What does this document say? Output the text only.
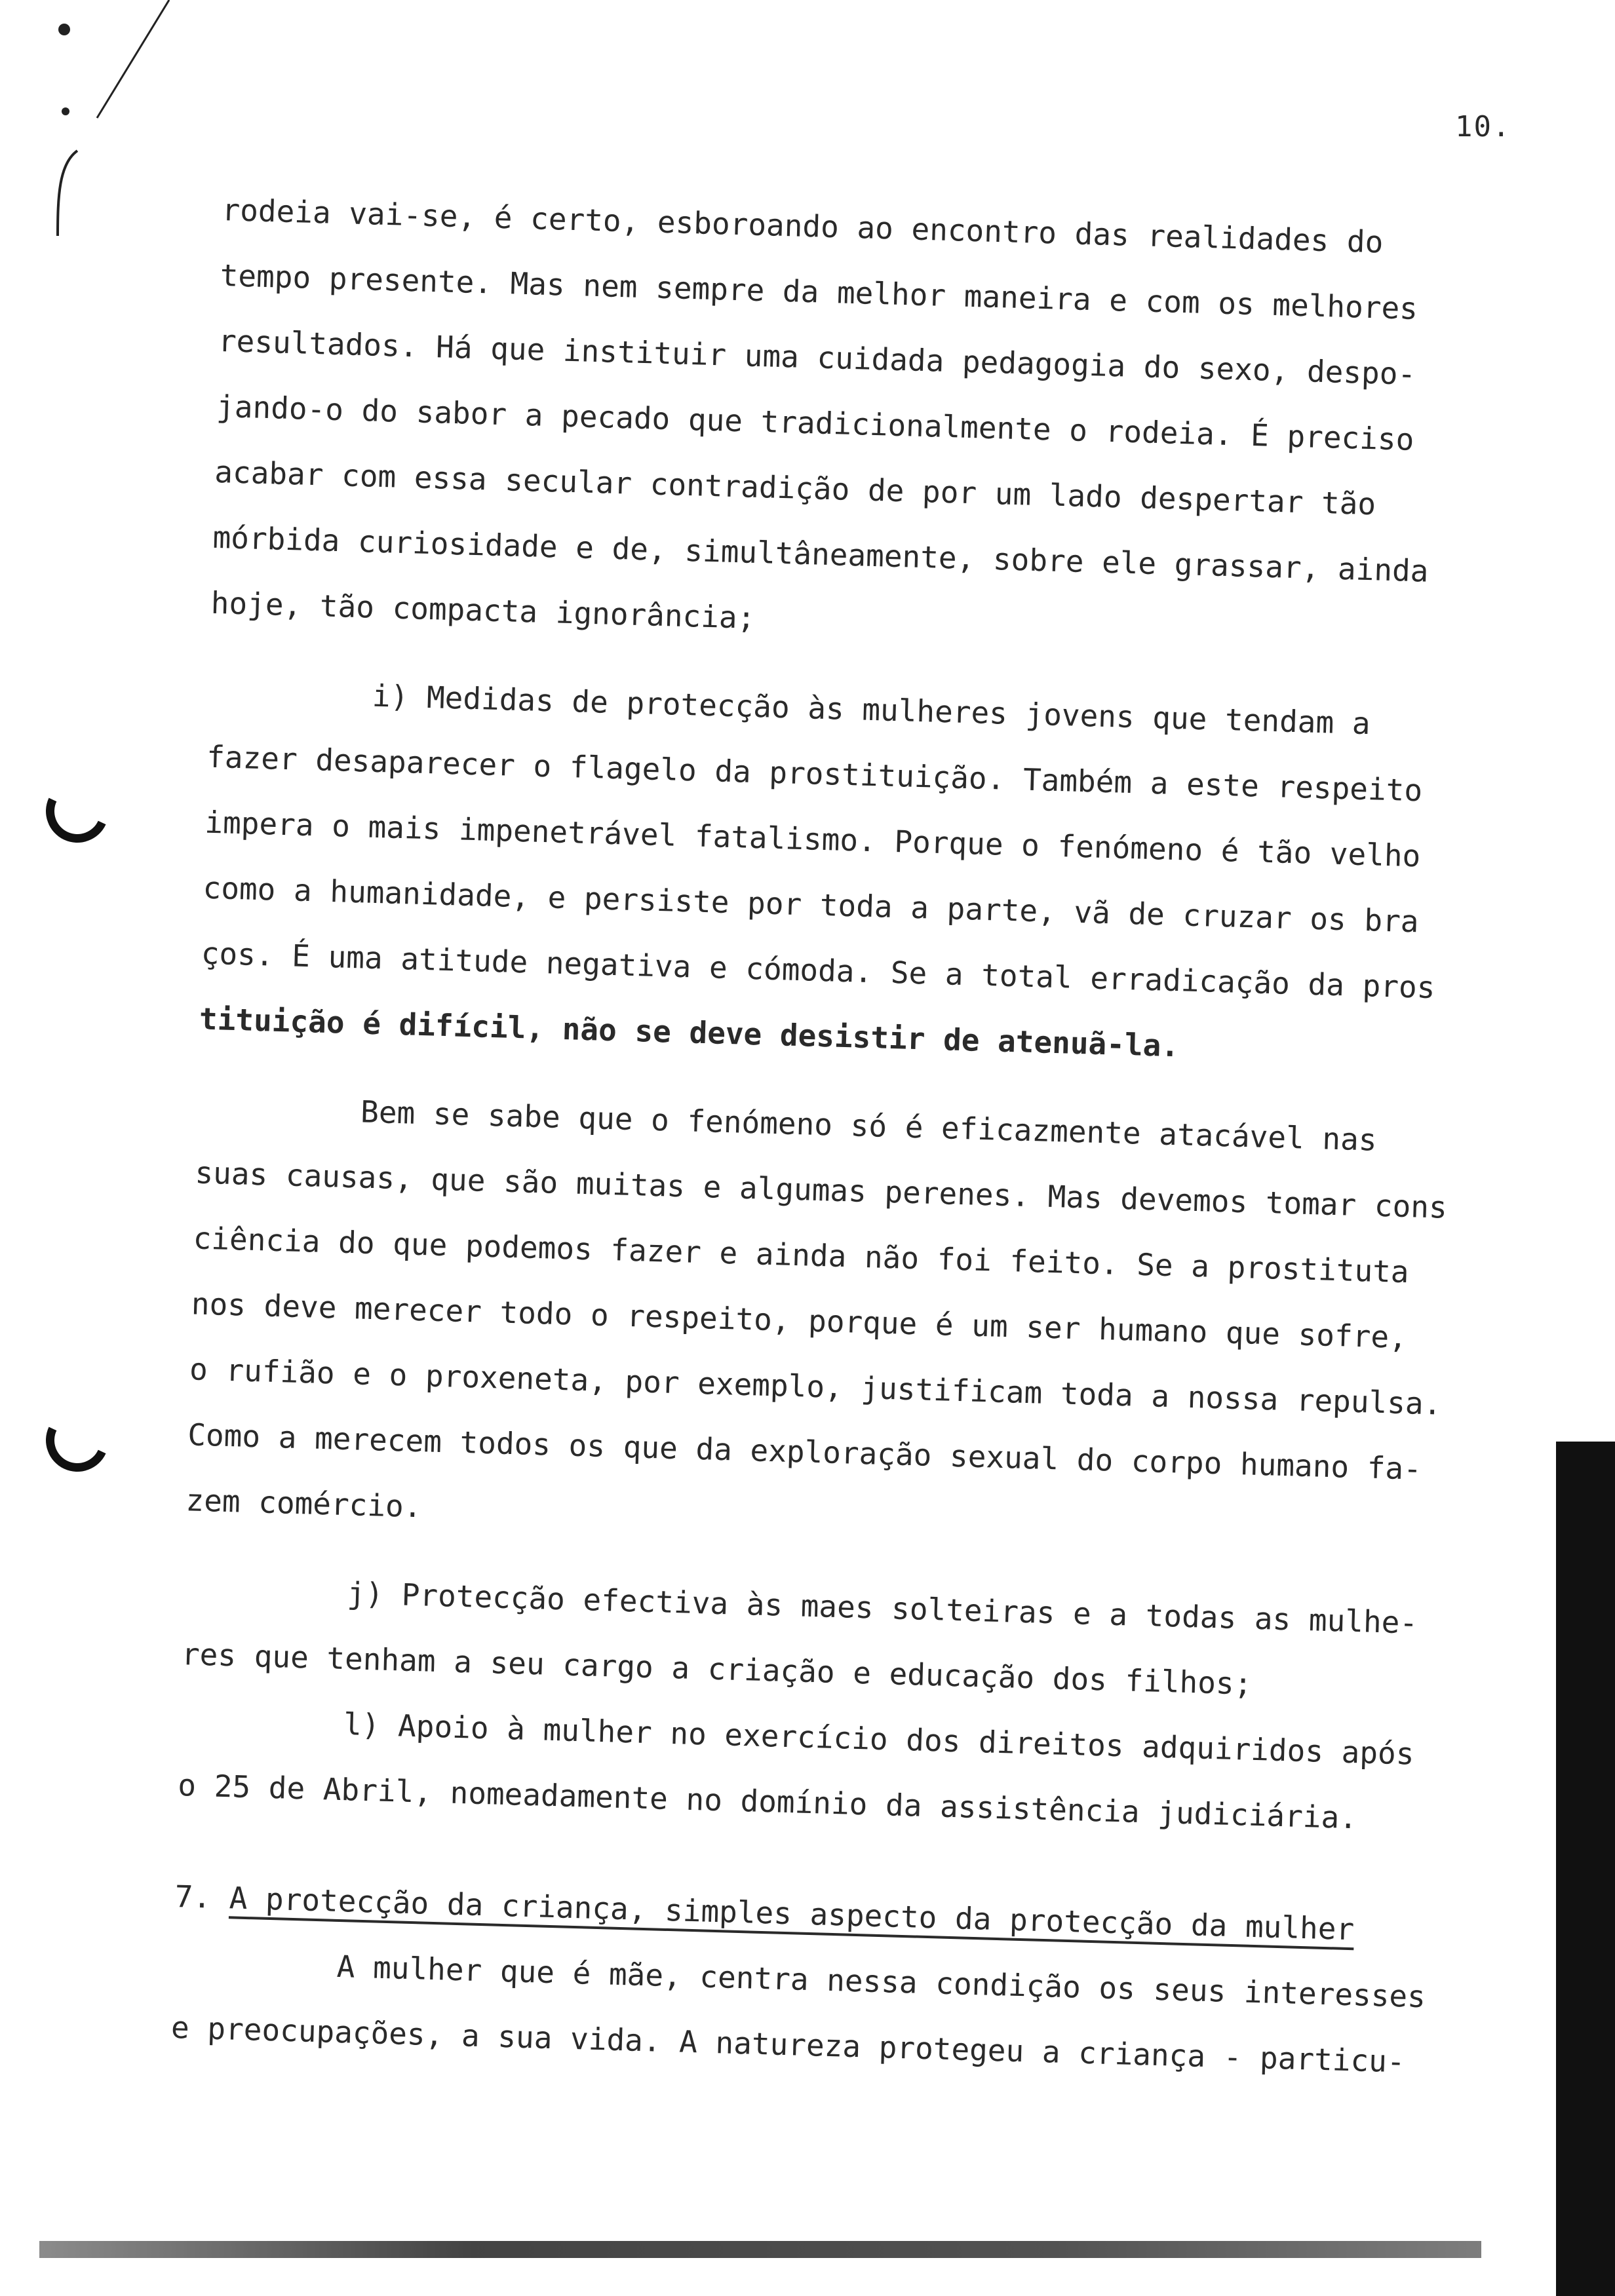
10.

rodeia vai-se, é certo, esboroando ao encontro das realidades do

tempo presente. Mas nem sempre da melhor maneira e com os melhores

resultados. Há que instituir uma cuidada pedagogia do sexo, despo-

jando-o do sabor a pecado que tradicionalmente o rodeia. É preciso

acabar com essa secular contradição de por um lado despertar tão

mórbida curiosidade e de, simultâneamente, sobre ele grassar, ainda

hoje, tão compacta ignorância;

i) Medidas de protecção às mulheres jovens que tendam a

fazer desaparecer o flagelo da prostituição. Também a este respeito

impera o mais impenetrável fatalismo. Porque o fenómeno é tão velho

como a humanidade, e persiste por toda a parte, vã de cruzar os bra

ços. É uma atitude negativa e cómoda. Se a total erradicação da pros

tituição é difícil, não se deve desistir de atenuã-la.

Bem se sabe que o fenómeno só é eficazmente atacável nas

suas causas, que são muitas e algumas perenes. Mas devemos tomar cons

ciência do que podemos fazer e ainda não foi feito. Se a prostituta

nos deve merecer todo o respeito, porque é um ser humano que sofre,

o rufião e o proxeneta, por exemplo, justificam toda a nossa repulsa.

Como a merecem todos os que da exploração sexual do corpo humano fa-

zem comércio.

j) Protecção efectiva às maes solteiras e a todas as mulhe-

res que tenham a seu cargo a criação e educação dos filhos;

l) Apoio à mulher no exercício dos direitos adquiridos após

o 25 de Abril, nomeadamente no domínio da assistência judiciária.

7. A protecção da criança, simples aspecto da protecção da mulher

A mulher que é mãe, centra nessa condição os seus interesses

e preocupações, a sua vida. A natureza protegeu a criança - particu-
